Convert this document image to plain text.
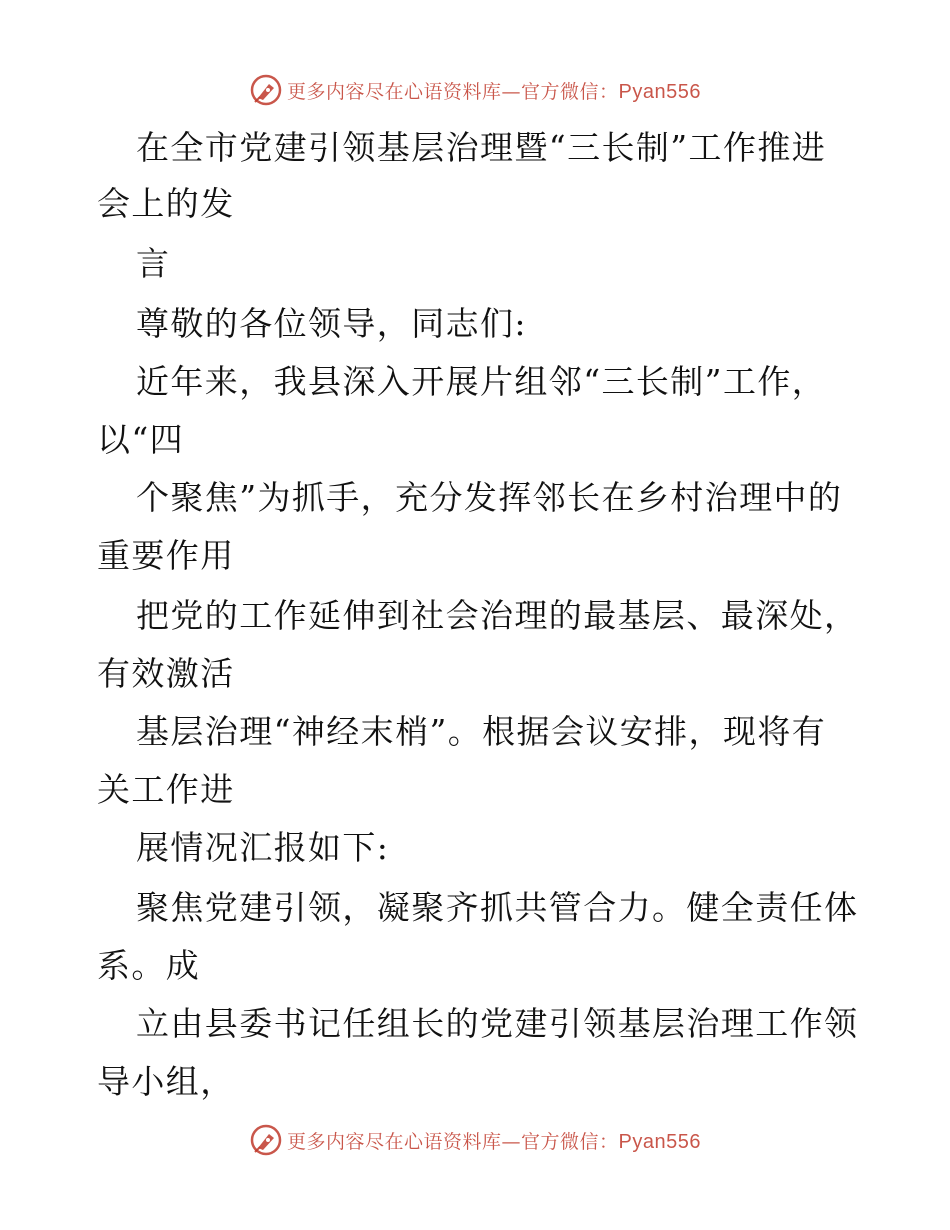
更多内容尽在心语资料库—官方微信：Pyan556
在全市党建引领基层治理暨“三长制”工作推进
会上的发
言
尊敬的各位领导，同志们:
近年来，我县深入开展片组邻“三长制”工作，
以“四
个聚焦”为抓手，充分发挥邻长在乡村治理中的
重要作用
把党的工作延伸到社会治理的最基层、最深处，
有效激活
基层治理“神经末梢”。根据会议安排，现将有
关工作进
展情况汇报如下:
聚焦党建引领，凝聚齐抓共管合力。健全责任体
系。成
立由县委书记任组长的党建引领基层治理工作领
导小组，
更多内容尽在心语资料库—官方微信：Pyan556
